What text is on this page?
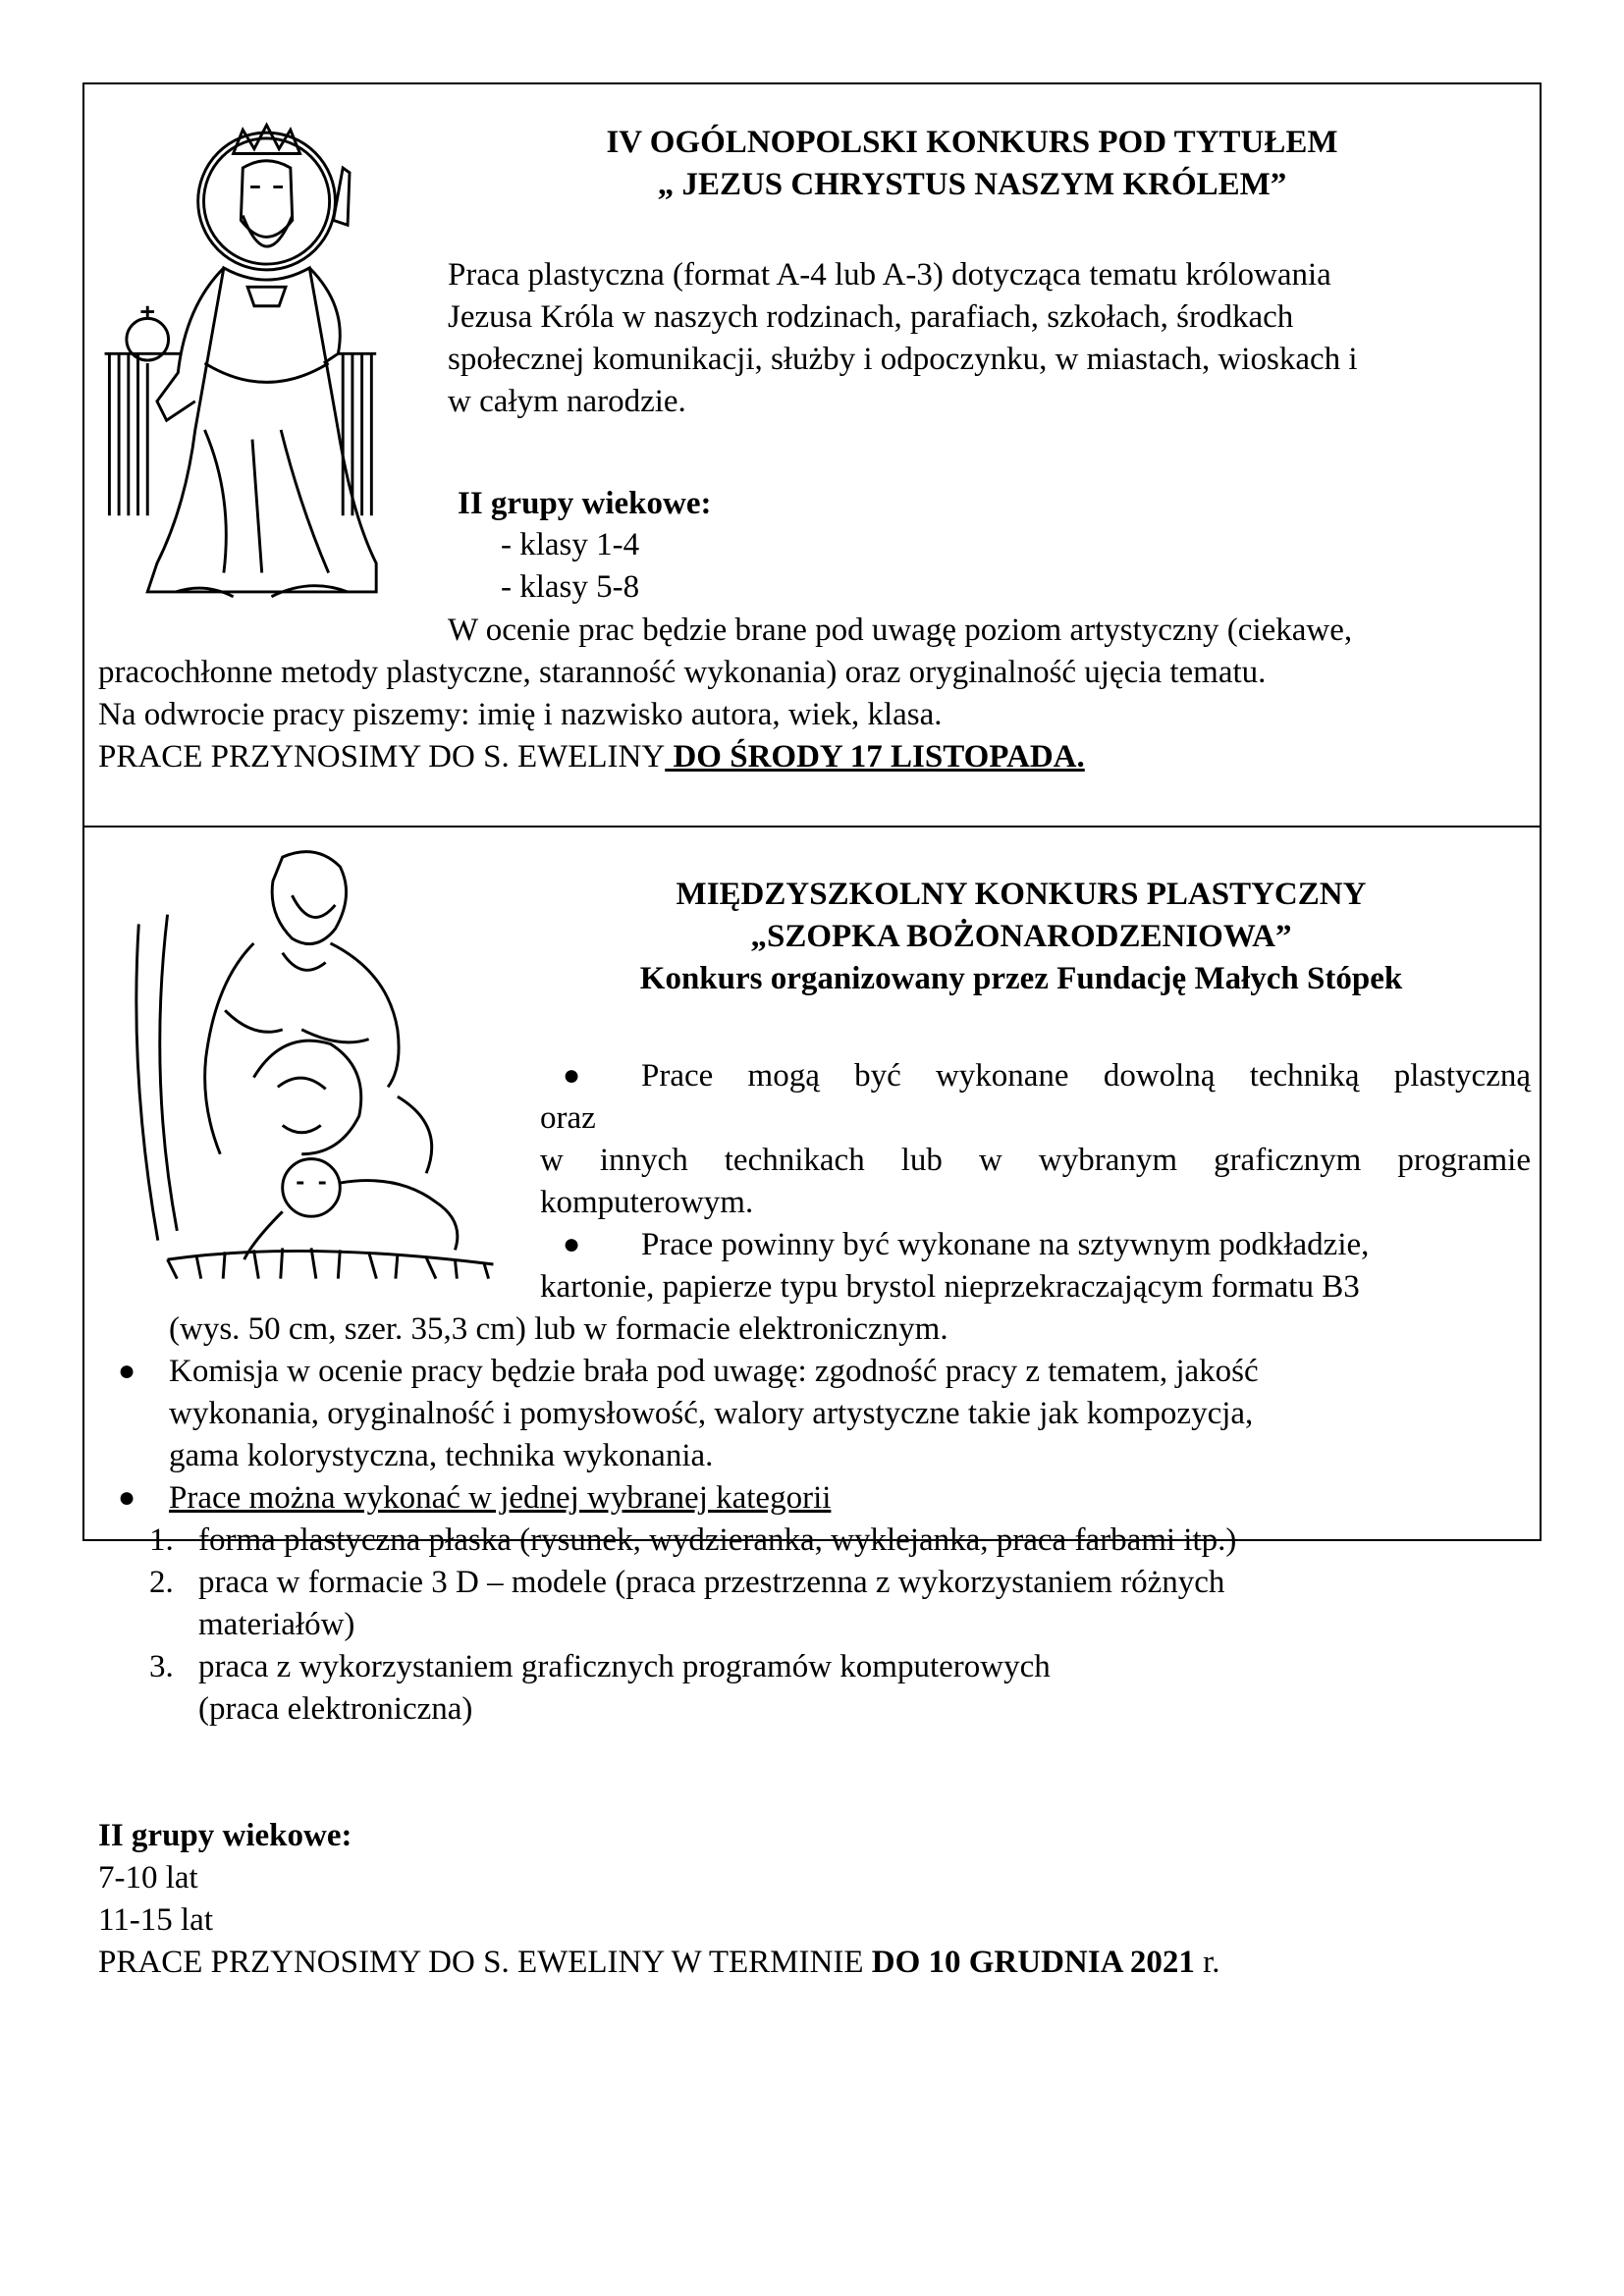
IV OGÓLNOPOLSKI KONKURS POD TYTUŁEM
„ JEZUS CHRYSTUS NASZYM KRÓLEM”
Praca plastyczna (format A-4 lub A-3) dotycząca tematu królowania
Jezusa Króla w naszych rodzinach, parafiach, szkołach, środkach
społecznej komunikacji, służby i odpoczynku, w miastach, wioskach i
w całym narodzie.
II grupy wiekowe:
- klasy 1-4
- klasy 5-8
W ocenie prac będzie brane pod uwagę poziom artystyczny (ciekawe,
pracochłonne metody plastyczne, staranność wykonania) oraz oryginalność ujęcia tematu.
Na odwrocie pracy piszemy: imię i nazwisko autora, wiek, klasa.
PRACE PRZYNOSIMY DO S. EWELINY DO ŚRODY 17 LISTOPADA.
MIĘDZYSZKOLNY KONKURS PLASTYCZNY
„SZOPKA BOŻONARODZENIOWA”
Konkurs organizowany przez Fundację Małych Stópek
● Prace mogą być wykonane dowolną techniką plastyczną
oraz
w innych technikach lub w wybranym graficznym programie
komputerowym.
● Prace powinny być wykonane na sztywnym podkładzie,
kartonie, papierze typu brystol nieprzekraczającym formatu B3
(wys. 50 cm, szer. 35,3 cm) lub w formacie elektronicznym.
● Komisja w ocenie pracy będzie brała pod uwagę: zgodność pracy z tematem, jakość
wykonania, oryginalność i pomysłowość, walory artystyczne takie jak kompozycja,
gama kolorystyczna, technika wykonania.
● Prace można wykonać w jednej wybranej kategorii
1. forma plastyczna płaska (rysunek, wydzieranka, wyklejanka, praca farbami itp.)
2. praca w formacie 3 D – modele (praca przestrzenna z wykorzystaniem różnych
materiałów)
3. praca z wykorzystaniem graficznych programów komputerowych
(praca elektroniczna)
II grupy wiekowe:
7-10 lat
11-15 lat
PRACE PRZYNOSIMY DO S. EWELINY W TERMINIE DO 10 GRUDNIA 2021 r.
